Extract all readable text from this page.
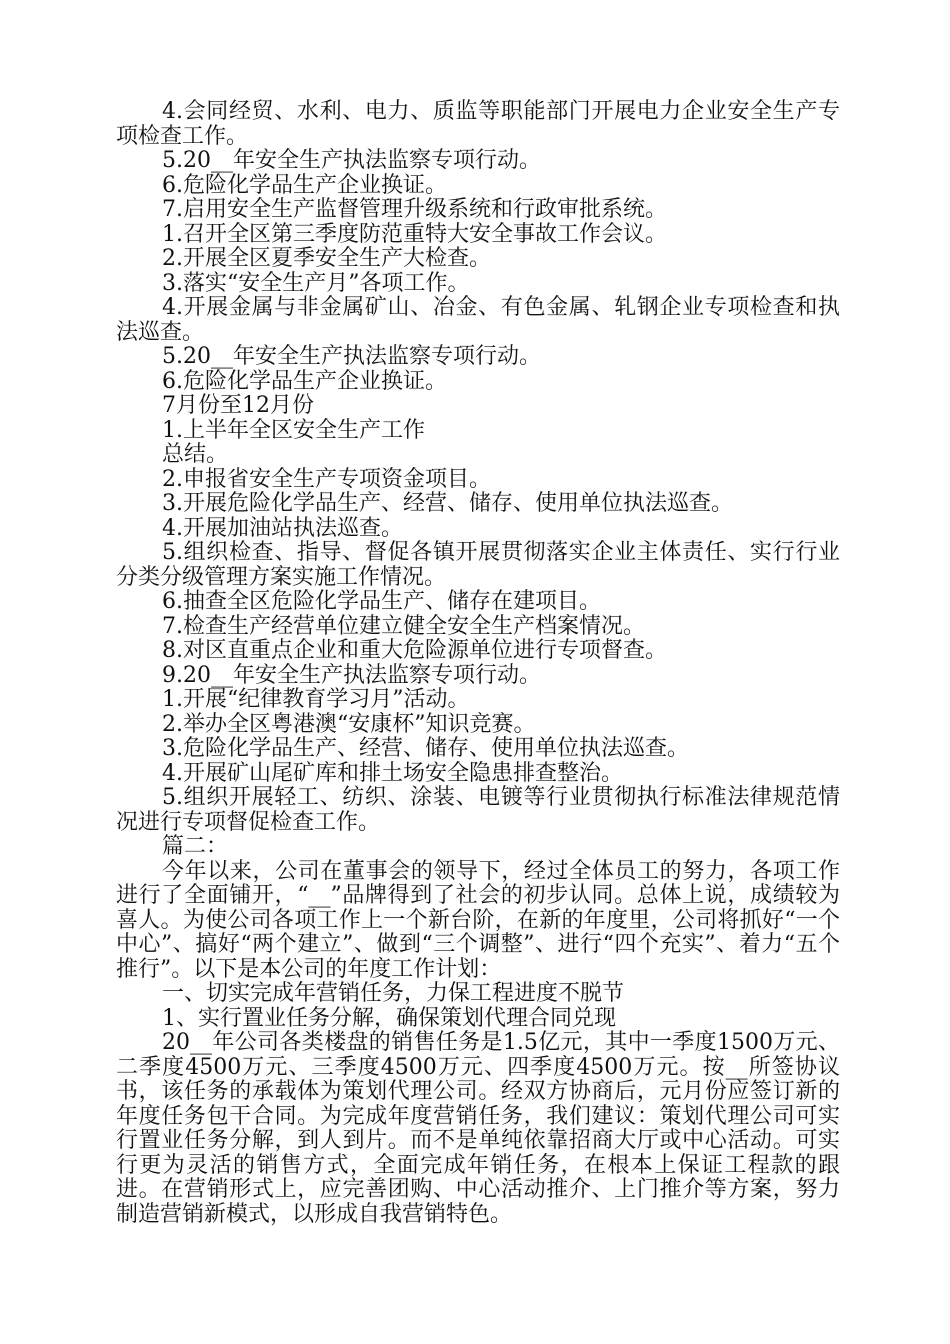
4.会同经贸、水利、电力、质监等职能部门开展电力企业安全生产专项检查工作。

5.20__年安全生产执法监察专项行动。

6.危险化学品生产企业换证。

7.启用安全生产监督管理升级系统和行政审批系统。

1.召开全区第三季度防范重特大安全事故工作会议。

2.开展全区夏季安全生产大检查。

3.落实“安全生产月”各项工作。

4.开展金属与非金属矿山、冶金、有色金属、轧钢企业专项检查和执法巡查。

5.20__年安全生产执法监察专项行动。

6.危险化学品生产企业换证。

7月份至12月份

1.上半年全区安全生产工作

总结。

2.申报省安全生产专项资金项目。

3.开展危险化学品生产、经营、储存、使用单位执法巡查。

4.开展加油站执法巡查。

5.组织检查、指导、督促各镇开展贯彻落实企业主体责任、实行行业分类分级管理方案实施工作情况。

6.抽查全区危险化学品生产、储存在建项目。

7.检查生产经营单位建立健全安全生产档案情况。

8.对区直重点企业和重大危险源单位进行专项督查。

9.20__年安全生产执法监察专项行动。

1.开展“纪律教育学习月”活动。

2.举办全区粤港澳“安康杯”知识竞赛。

3.危险化学品生产、经营、储存、使用单位执法巡查。

4.开展矿山尾矿库和排土场安全隐患排查整治。

5.组织开展轻工、纺织、涂装、电镀等行业贯彻执行标准法律规范情况进行专项督促检查工作。

篇二：

今年以来，公司在董事会的领导下，经过全体员工的努力，各项工作进行了全面铺开，“__”品牌得到了社会的初步认同。总体上说，成绩较为喜人。为使公司各项工作上一个新台阶，在新的年度里，公司将抓好“一个中心”、搞好“两个建立”、做到“三个调整”、进行“四个充实”、着力“五个推行”。以下是本公司的年度工作计划：

一、切实完成年营销任务，力保工程进度不脱节

1、实行置业任务分解，确保策划代理合同兑现

20__年公司各类楼盘的销售任务是1.5亿元，其中一季度1500万元、二季度4500万元、三季度4500万元、四季度4500万元。按__所签协议书，该任务的承载体为策划代理公司。经双方协商后，元月份应签订新的年度任务包干合同。为完成年度营销任务，我们建议：策划代理公司可实行置业任务分解，到人到片。而不是单纯依靠招商大厅或中心活动。可实行更为灵活的销售方式，全面完成年销任务，在根本上保证工程款的跟进。在营销形式上，应完善团购、中心活动推介、上门推介等方案，努力制造营销新模式，以形成自我营销特色。
